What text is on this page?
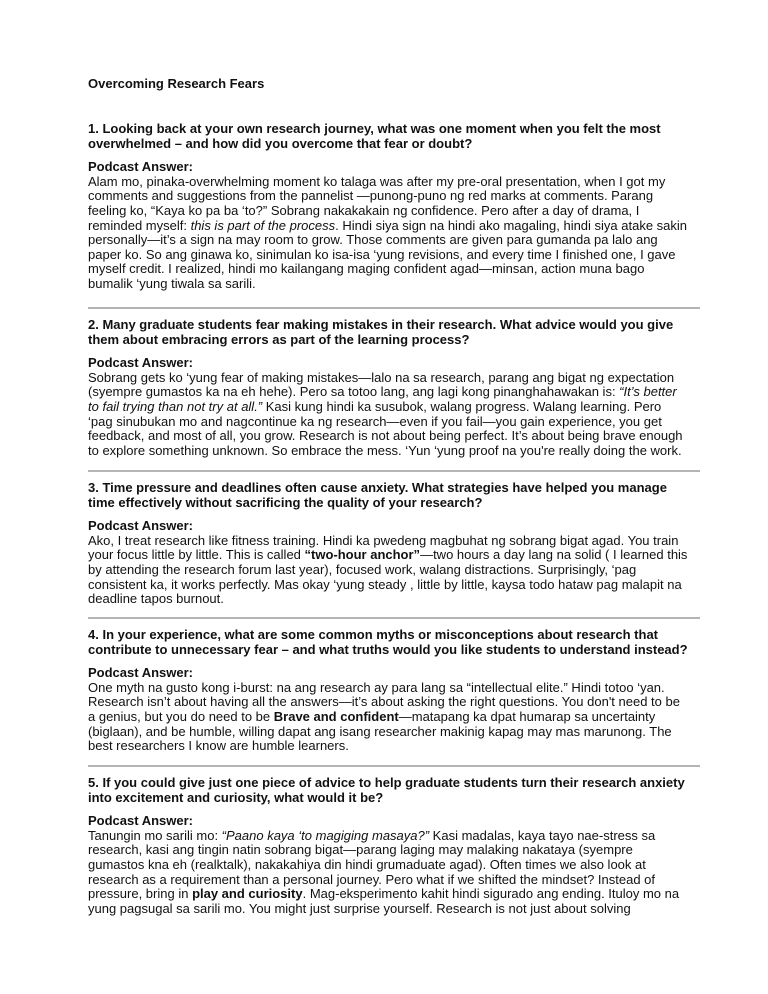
Overcoming Research Fears
1. Looking back at your own research journey, what was one moment when you felt the most
overwhelmed – and how did you overcome that fear or doubt?
Podcast Answer:
Alam mo, pinaka-overwhelming moment ko talaga was after my pre-oral presentation, when I got my
comments and suggestions from the pannelist —punong-puno ng red marks at comments. Parang
feeling ko, “Kaya ko pa ba ‘to?” Sobrang nakakakain ng confidence. Pero after a day of drama, I
reminded myself: this is part of the process. Hindi siya sign na hindi ako magaling, hindi siya atake sakin
personally—it’s a sign na may room to grow. Those comments are given para gumanda pa lalo ang
paper ko. So ang ginawa ko, sinimulan ko isa-isa ‘yung revisions, and every time I finished one, I gave
myself credit. I realized, hindi mo kailangang maging confident agad—minsan, action muna bago
bumalik ‘yung tiwala sa sarili.
2. Many graduate students fear making mistakes in their research. What advice would you give
them about embracing errors as part of the learning process?
Podcast Answer:
Sobrang gets ko ‘yung fear of making mistakes—lalo na sa research, parang ang bigat ng expectation
(syempre gumastos ka na eh hehe). Pero sa totoo lang, ang lagi kong pinanghahawakan is: “It’s better
to fail trying than not try at all.” Kasi kung hindi ka susubok, walang progress. Walang learning. Pero
‘pag sinubukan mo and nagcontinue ka ng research—even if you fail—you gain experience, you get
feedback, and most of all, you grow. Research is not about being perfect. It’s about being brave enough
to explore something unknown. So embrace the mess. ‘Yun ‘yung proof na you're really doing the work.
3. Time pressure and deadlines often cause anxiety. What strategies have helped you manage
time effectively without sacrificing the quality of your research?
Podcast Answer:
Ako, I treat research like fitness training. Hindi ka pwedeng magbuhat ng sobrang bigat agad. You train
your focus little by little. This is called “two-hour anchor”—two hours a day lang na solid ( I learned this
by attending the research forum last year), focused work, walang distractions. Surprisingly, ‘pag
consistent ka, it works perfectly. Mas okay ‘yung steady , little by little, kaysa todo hataw pag malapit na
deadline tapos burnout.
4. In your experience, what are some common myths or misconceptions about research that
contribute to unnecessary fear – and what truths would you like students to understand instead?
Podcast Answer:
One myth na gusto kong i-burst: na ang research ay para lang sa “intellectual elite.” Hindi totoo ‘yan.
Research isn’t about having all the answers—it’s about asking the right questions. You don't need to be
a genius, but you do need to be Brave and confident—matapang ka dpat humarap sa uncertainty
(biglaan), and be humble, willing dapat ang isang researcher makinig kapag may mas marunong. The
best researchers I know are humble learners.
5. If you could give just one piece of advice to help graduate students turn their research anxiety
into excitement and curiosity, what would it be?
Podcast Answer:
Tanungin mo sarili mo: “Paano kaya ‘to magiging masaya?” Kasi madalas, kaya tayo nae-stress sa
research, kasi ang tingin natin sobrang bigat—parang laging may malaking nakataya (syempre
gumastos kna eh (realktalk), nakakahiya din hindi grumaduate agad). Often times we also look at
research as a requirement than a personal journey. Pero what if we shifted the mindset? Instead of
pressure, bring in play and curiosity. Mag-eksperimento kahit hindi sigurado ang ending. Ituloy mo na
yung pagsugal sa sarili mo. You might just surprise yourself. Research is not just about solving
